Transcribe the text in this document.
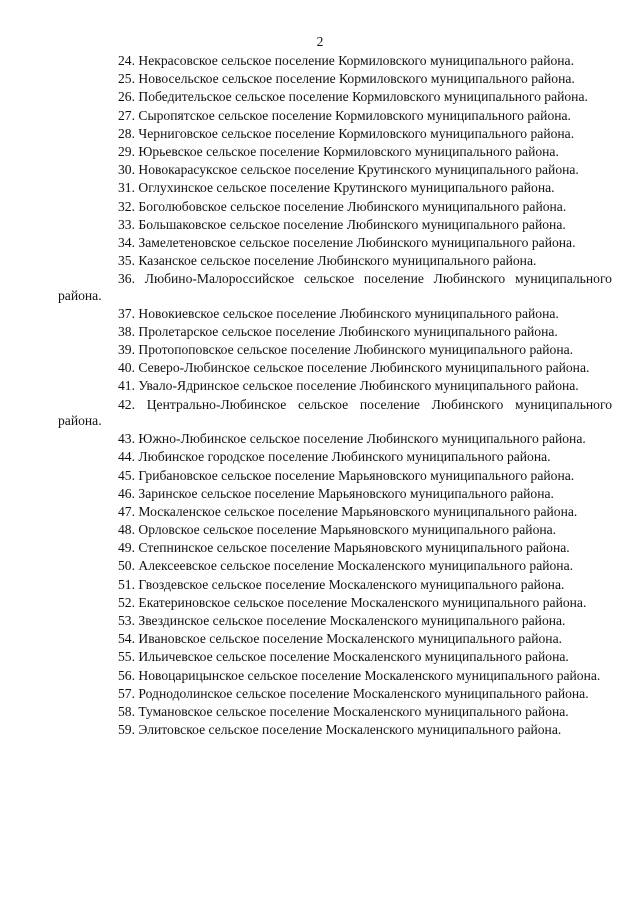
2

24. Некрасовское сельское поселение Кормиловского муниципального района.

25. Новосельское сельское поселение Кормиловского муниципального района.

26. Победительское сельское поселение Кормиловского муниципального района.

27. Сыропятское сельское поселение Кормиловского муниципального района.

28. Черниговское сельское поселение Кормиловского муниципального района.

29. Юрьевское сельское поселение Кормиловского муниципального района.

30. Новокарасукское сельское поселение Крутинского муниципального района.

31. Оглухинское сельское поселение Крутинского муниципального района.

32. Боголюбовское сельское поселение Любинского муниципального района.

33. Большаковское сельское поселение Любинского муниципального района.

34. Замелетеновское сельское поселение Любинского муниципального района.

35. Казанское сельское поселение Любинского муниципального района.

36. Любино-Малороссийское сельское поселение Любинского муниципального района.

37. Новокиевское сельское поселение Любинского муниципального района.

38. Пролетарское сельское поселение Любинского муниципального района.

39. Протопоповское сельское поселение Любинского муниципального района.

40. Северо-Любинское сельское поселение Любинского муниципального района.

41. Увало-Ядринское сельское поселение Любинского муниципального района.

42. Центрально-Любинское сельское поселение Любинского муниципального района.

43. Южно-Любинское сельское поселение Любинского муниципального района.

44. Любинское городское поселение Любинского муниципального района.

45. Грибановское сельское поселение Марьяновского муниципального района.

46. Заринское сельское поселение Марьяновского муниципального района.

47. Москаленское сельское поселение Марьяновского муниципального района.

48. Орловское сельское поселение Марьяновского муниципального района.

49. Степнинское сельское поселение Марьяновского муниципального района.

50. Алексеевское сельское поселение Москаленского муниципального района.

51. Гвоздевское сельское поселение Москаленского муниципального района.

52. Екатериновское сельское поселение Москаленского муниципального района.

53. Звездинское сельское поселение Москаленского муниципального района.

54. Ивановское сельское поселение Москаленского муниципального района.

55. Ильичевское сельское поселение Москаленского муниципального района.

56. Новоцарицынское сельское поселение Москаленского муниципального района.

57. Роднодолинское сельское поселение Москаленского муниципального района.

58. Тумановское сельское поселение Москаленского муниципального района.

59. Элитовское сельское поселение Москаленского муниципального района.
